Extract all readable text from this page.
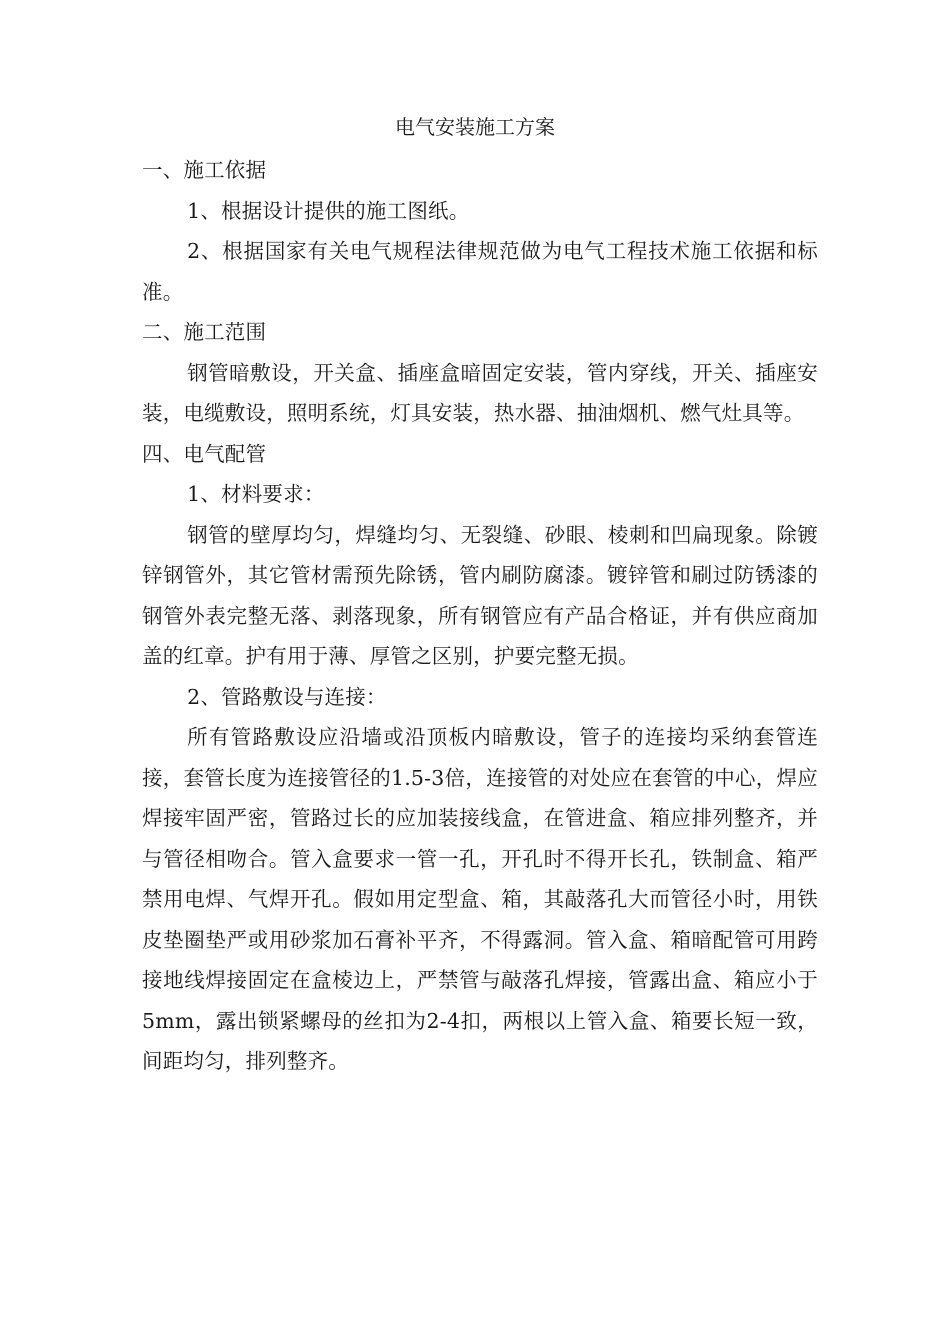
电气安装施工方案

一、施工依据

1、根据设计提供的施工图纸。

2、根据国家有关电气规程法律规范做为电气工程技术施工依据和标准。

二、施工范围

钢管暗敷设，开关盒、插座盒暗固定安装，管内穿线，开关、插座安装，电缆敷设，照明系统，灯具安装，热水器、抽油烟机、燃气灶具等。

四、电气配管

1、材料要求：

钢管的壁厚均匀，焊缝均匀、无裂缝、砂眼、棱刺和凹扁现象。除镀锌钢管外，其它管材需预先除锈，管内刷防腐漆。镀锌管和刷过防锈漆的钢管外表完整无落、剥落现象，所有钢管应有产品合格证，并有供应商加盖的红章。护有用于薄、厚管之区别，护要完整无损。

2、管路敷设与连接：

所有管路敷设应沿墙或沿顶板内暗敷设，管子的连接均采纳套管连接，套管长度为连接管径的1.5-3倍，连接管的对处应在套管的中心，焊应焊接牢固严密，管路过长的应加装接线盒，在管进盒、箱应排列整齐，并与管径相吻合。管入盒要求一管一孔，开孔时不得开长孔，铁制盒、箱严禁用电焊、气焊开孔。假如用定型盒、箱，其敲落孔大而管径小时，用铁皮垫圈垫严或用砂浆加石膏补平齐，不得露洞。管入盒、箱暗配管可用跨接地线焊接固定在盒棱边上，严禁管与敲落孔焊接，管露出盒、箱应小于5mm，露出锁紧螺母的丝扣为2-4扣，两根以上管入盒、箱要长短一致，间距均匀，排列整齐。
